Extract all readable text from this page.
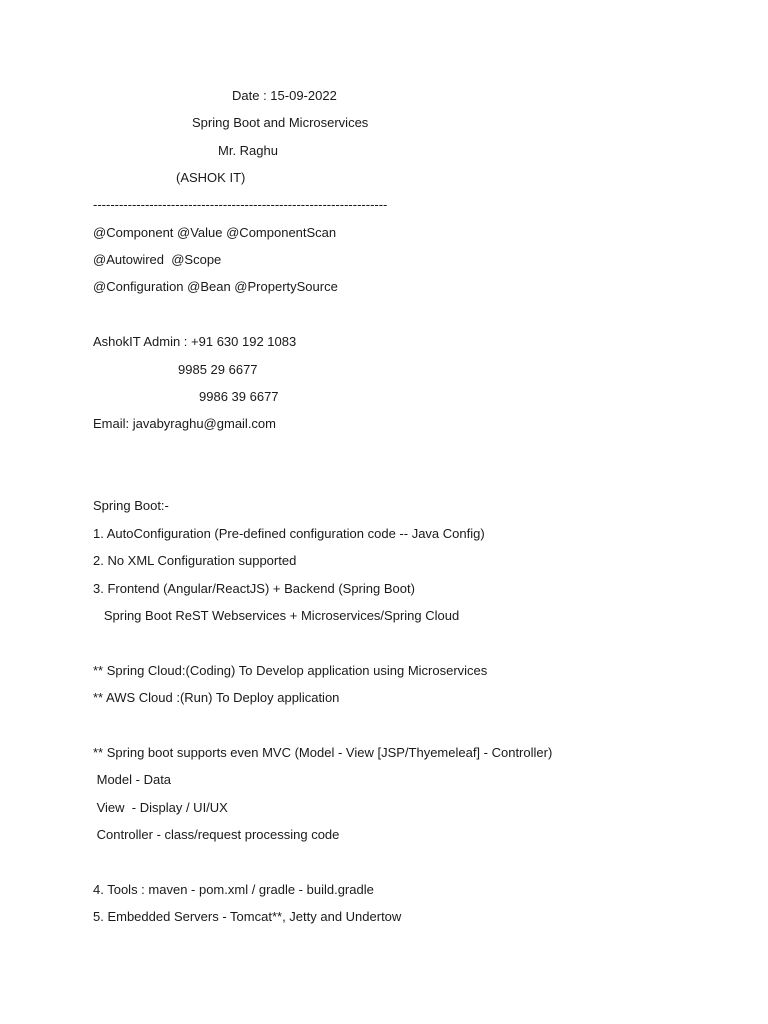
Date : 15-09-2022
Spring Boot and Microservices
Mr. Raghu
(ASHOK IT)
--------------------------------------------------------------------
@Component @Value @ComponentScan
@Autowired  @Scope
@Configuration @Bean @PropertySource
AshokIT Admin : +91 630 192 1083
9985 29 6677
9986 39 6677
Email: javabyraghu@gmail.com
Spring Boot:-
1. AutoConfiguration (Pre-defined configuration code -- Java Config)
2. No XML Configuration supported
3. Frontend (Angular/ReactJS) + Backend (Spring Boot)
Spring Boot ReST Webservices + Microservices/Spring Cloud
** Spring Cloud:(Coding) To Develop application using Microservices
** AWS Cloud :(Run) To Deploy application
** Spring boot supports even MVC (Model - View [JSP/Thyemeleaf] - Controller)
Model - Data
View  - Display / UI/UX
Controller - class/request processing code
4. Tools : maven - pom.xml / gradle - build.gradle
5. Embedded Servers - Tomcat**, Jetty and Undertow
